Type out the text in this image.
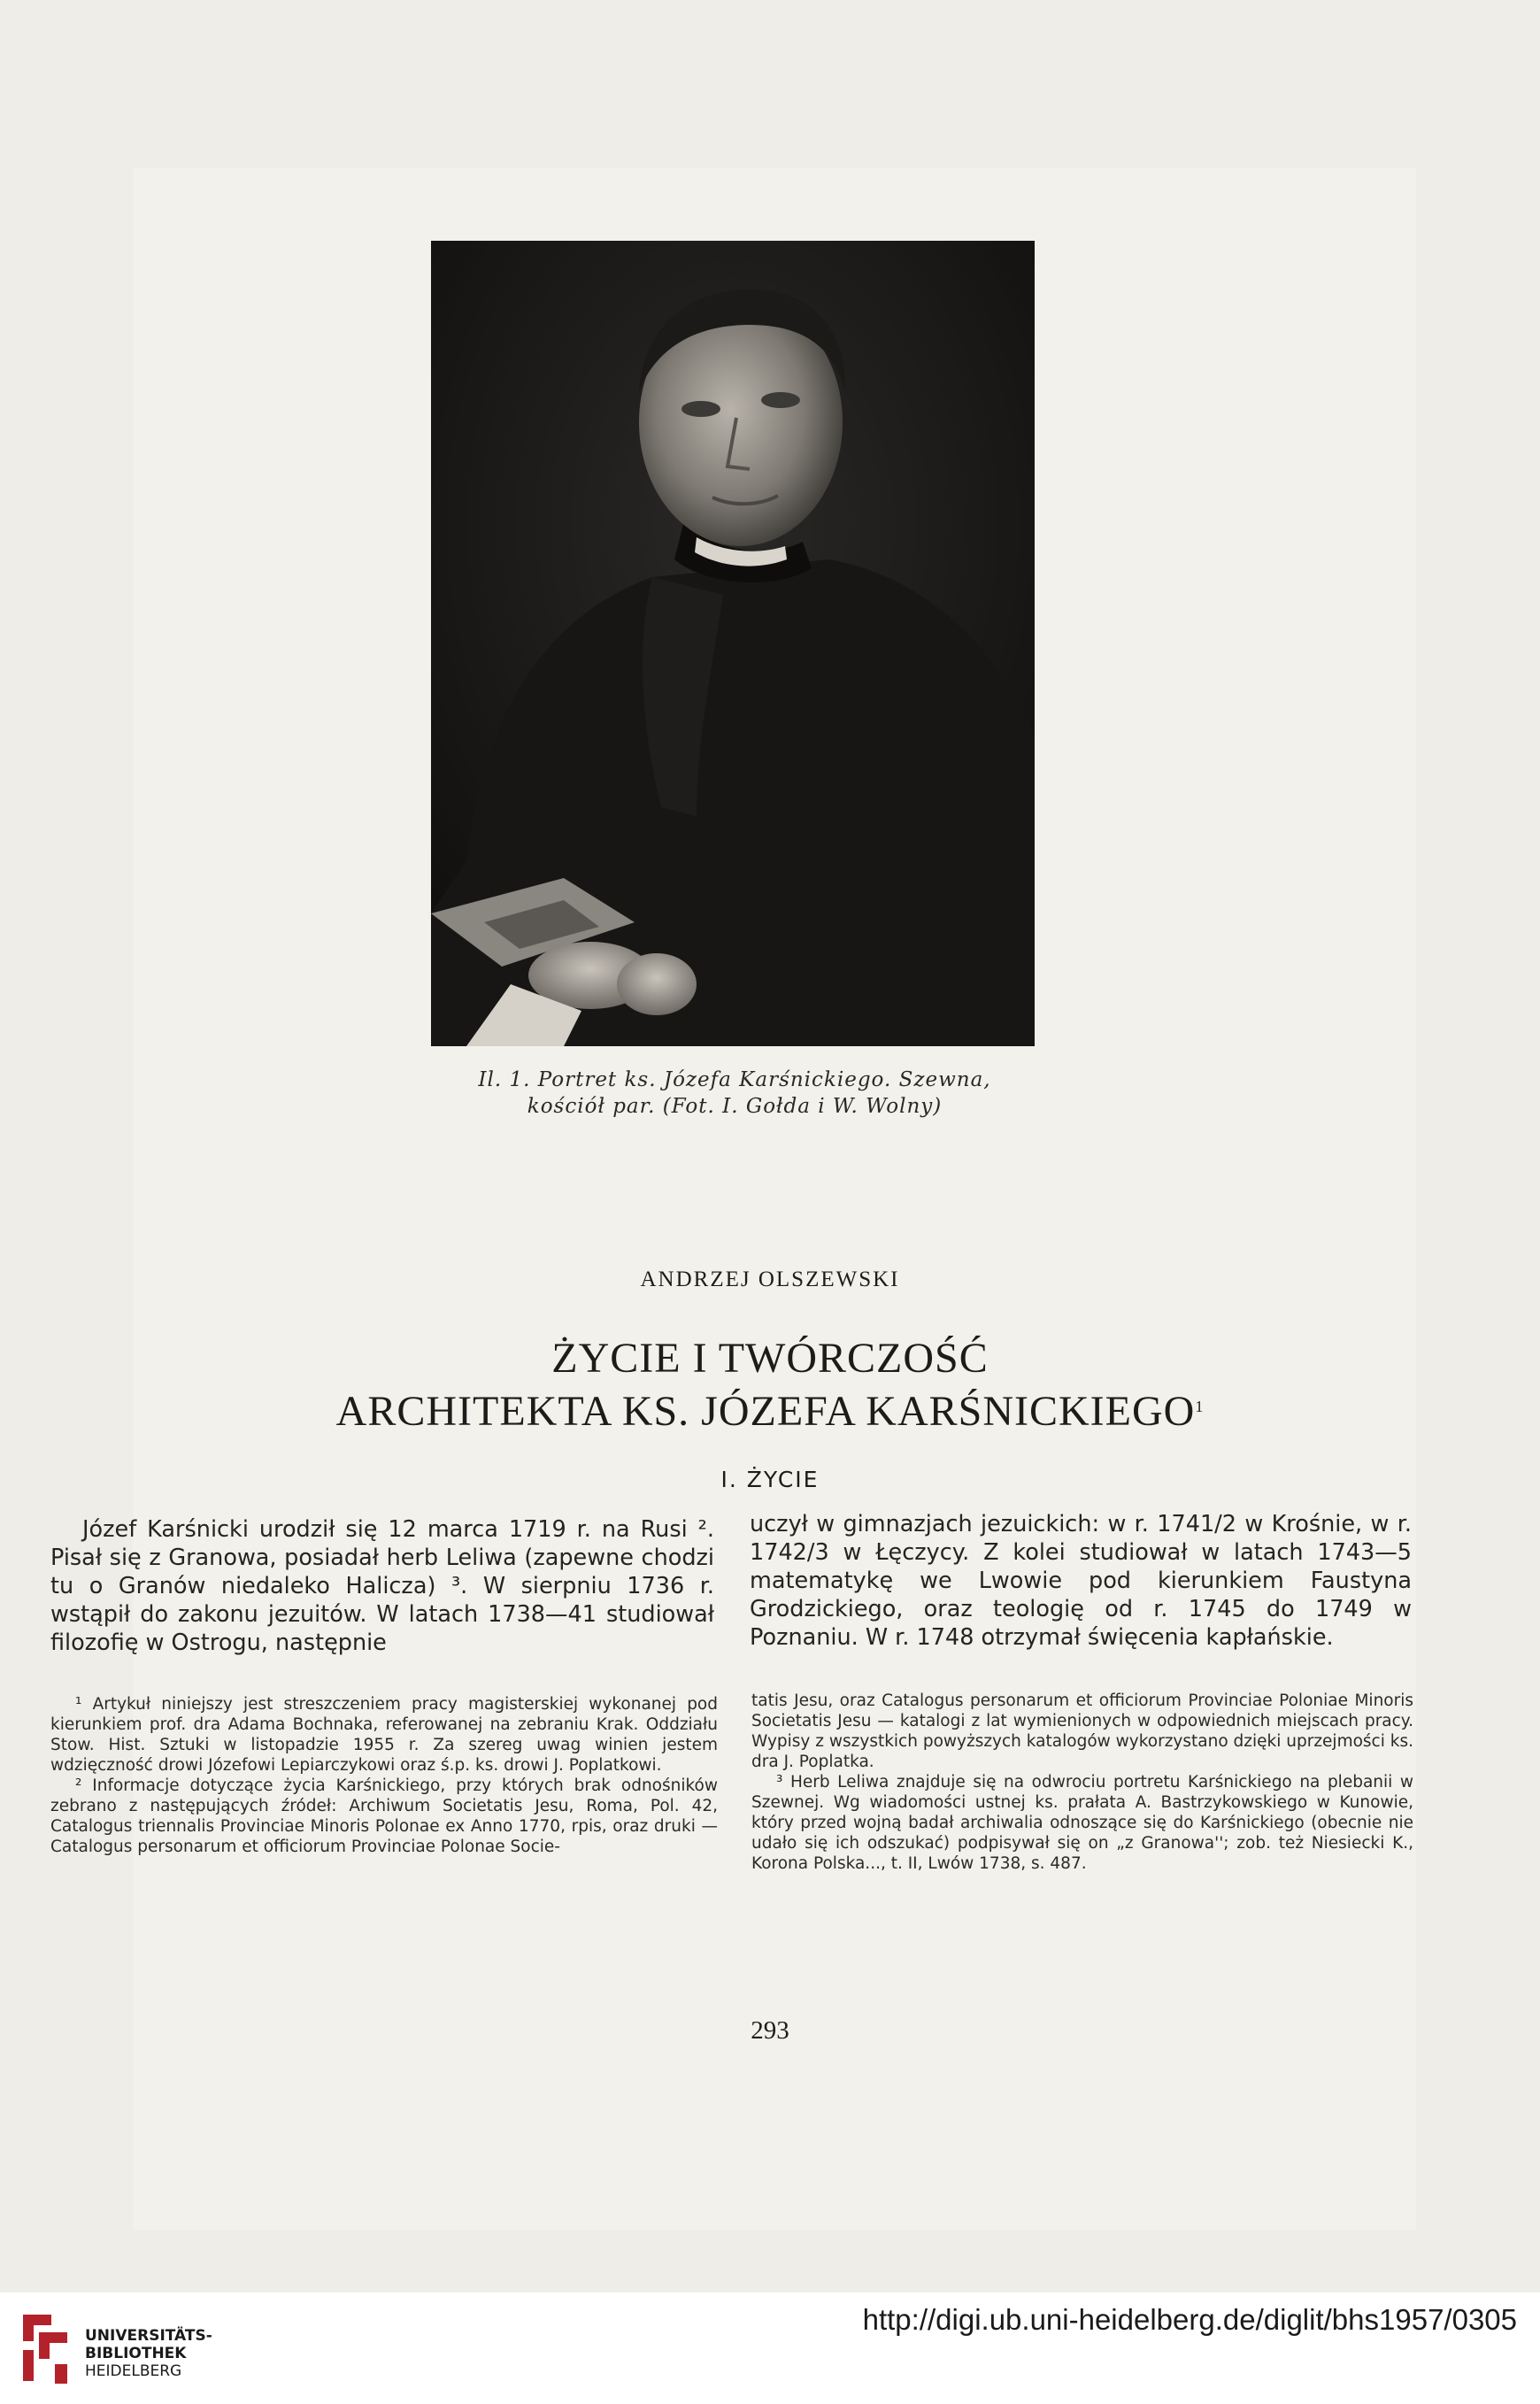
Il. 1. Portret ks. Józefa Karśnickiego. Szewna,
kościół par. (Fot. I. Gołda i W. Wolny)
ANDRZEJ OLSZEWSKI
ŻYCIE I TWÓRCZOŚĆ
ARCHITEKTA KS. JÓZEFA KARŚNICKIEGO$^1$
I. ŻYCIE
Józef Karśnicki urodził się 12 marca 1719 r. na Rusi ². Pisał się z Granowa, posiadał herb Leliwa (zapewne chodzi tu o Granów niedaleko Halicza) ³. W sierpniu 1736 r. wstąpił do zakonu jezuitów. W latach 1738—41 studiował filozofię w Ostrogu, następnie
uczył w gimnazjach jezuickich: w r. 1741/2 w Krośnie, w r. 1742/3 w Łęczycy. Z kolei studiował w latach 1743—5 matematykę we Lwowie pod kierunkiem Faustyna Grodzickiego, oraz teologię od r. 1745 do 1749 w Poznaniu. W r. 1748 otrzymał święcenia kapłańskie.

¹ Artykuł niniejszy jest streszczeniem pracy magisterskiej wykonanej pod kierunkiem prof. dra Adama Bochnaka, referowanej na zebraniu Krak. Oddziału Stow. Hist. Sztuki w listopadzie 1955 r. Za szereg uwag winien jestem wdzięczność drowi Józefowi Lepiarczykowi oraz ś.p. ks. drowi J. Poplatkowi.

² Informacje dotyczące życia Karśnickiego, przy których brak odnośników zebrano z następujących źródeł: Archiwum Societatis Jesu, Roma, Pol. 42, Catalogus triennalis Provinciae Minoris Polonae ex Anno 1770, rpis, oraz druki — Catalogus personarum et officiorum Provinciae Polonae Socie-

tatis Jesu, oraz Catalogus personarum et officiorum Provinciae Poloniae Minoris Societatis Jesu — katalogi z lat wymienionych w odpowiednich miejscach pracy. Wypisy z wszystkich powyższych katalogów wykorzystano dzięki uprzejmości ks. dra J. Poplatka.

³ Herb Leliwa znajduje się na odwrociu portretu Karśnickiego na plebanii w Szewnej. Wg wiadomości ustnej ks. prałata A. Bastrzykowskiego w Kunowie, który przed wojną badał archiwalia odnoszące się do Karśnickiego (obecnie nie udało się ich odszukać) podpisywał się on „z Granowa''; zob. też Niesiecki K., Korona Polska..., t. II, Lwów 1738, s. 487.

293
UNIVERSITÄTS-
BIBLIOTHEK
HEIDELBERG
http://digi.ub.uni-heidelberg.de/diglit/bhs1957/0305
